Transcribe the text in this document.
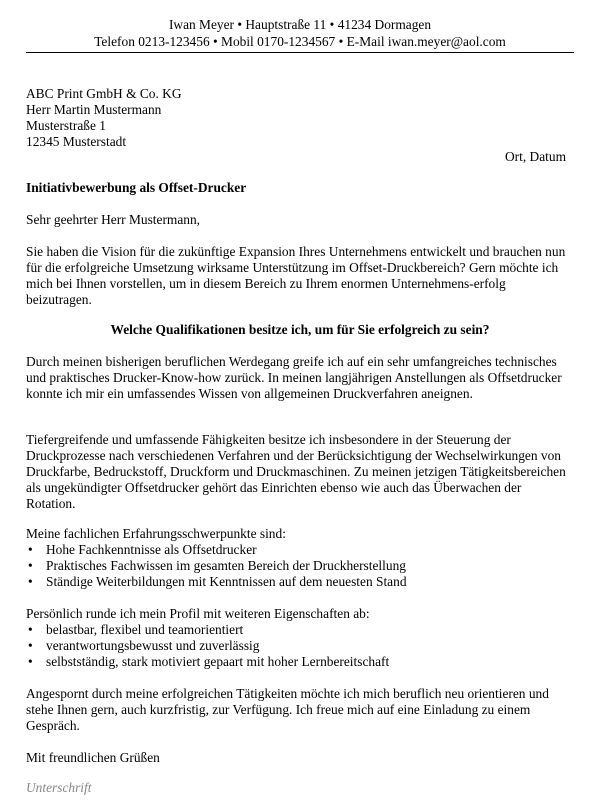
Iwan Meyer • Hauptstraße 11 • 41234 Dormagen
Telefon 0213-123456 • Mobil 0170-1234567 • E-Mail iwan.meyer@aol.com
ABC Print GmbH & Co. KG
Herr Martin Mustermann
Musterstraße 1
12345 Musterstadt
Ort, Datum
Initiativbewerbung als Offset-Drucker
Sehr geehrter Herr Mustermann,

Sie haben die Vision für die zukünftige Expansion Ihres Unternehmens entwickelt und brauchen nun für die erfolgreiche Umsetzung wirksame Unterstützung im Offset-Druckbereich? Gern möchte ich mich bei Ihnen vorstellen, um in diesem Bereich zu Ihrem enormen Unternehmens-erfolg beizutragen.

Welche Qualifikationen besitze ich, um für Sie erfolgreich zu sein?

Durch meinen bisherigen beruflichen Werdegang greife ich auf ein sehr umfangreiches technisches und praktisches Drucker-Know-how zurück. In meinen langjährigen Anstellungen als Offsetdrucker konnte ich mir ein umfassendes Wissen von allgemeinen Druckverfahren aneignen.

Tiefergreifende und umfassende Fähigkeiten besitze ich insbesondere in der Steuerung der Druckprozesse nach verschiedenen Verfahren und der Berücksichtigung der Wechselwirkungen von Druckfarbe, Bedruckstoff, Druckform und Druckmaschinen. Zu meinen jetzigen Tätigkeitsbereichen als ungekündigter Offsetdrucker gehört das Einrichten ebenso wie auch das Überwachen der Rotation.

Meine fachlichen Erfahrungsschwerpunkte sind:
• Hohe Fachkenntnisse als Offsetdrucker
• Praktisches Fachwissen im gesamten Bereich der Druckherstellung
• Ständige Weiterbildungen mit Kenntnissen auf dem neuesten Stand
Persönlich runde ich mein Profil mit weiteren Eigenschaften ab:
• belastbar, flexibel und teamorientiert
• verantwortungsbewusst und zuverlässig
• selbstständig, stark motiviert gepaart mit hoher Lernbereitschaft

Angespornt durch meine erfolgreichen Tätigkeiten möchte ich mich beruflich neu orientieren und stehe Ihnen gern, auch kurzfristig, zur Verfügung. Ich freue mich auf eine Einladung zu einem Gespräch.

Mit freundlichen Grüßen
Unterschrift
